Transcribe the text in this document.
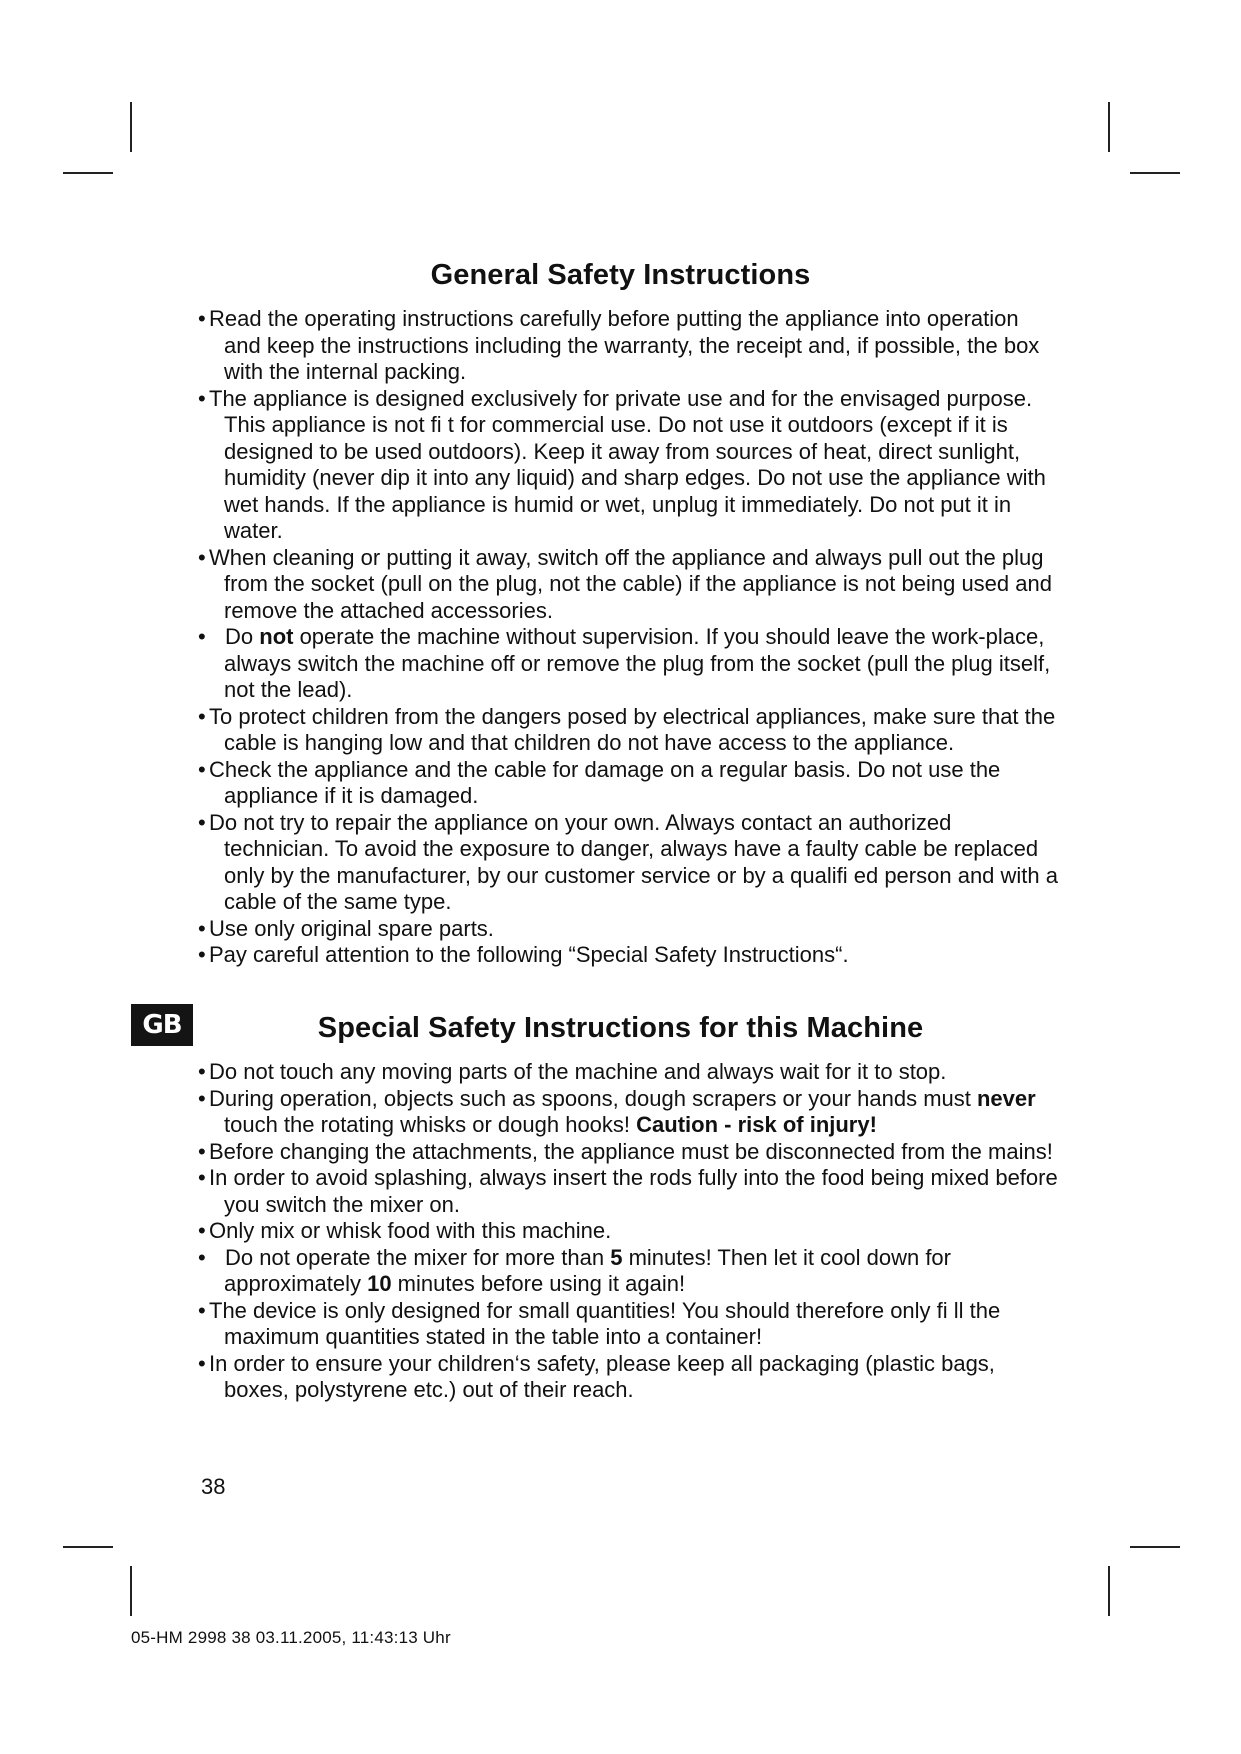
General Safety Instructions
• Read the operating instructions carefully before putting the appliance into operation and keep the instructions including the warranty, the receipt and, if possible, the box with the internal packing.
• The appliance is designed exclusively for private use and for the envisaged purpose. This appliance is not fi t for commercial use. Do not use it outdoors (except if it is designed to be used outdoors). Keep it away from sources of heat, direct sunlight, humidity (never dip it into any liquid) and sharp edges. Do not use the appliance with wet hands. If the appliance is humid or wet, unplug it immediately. Do not put it in water.
• When cleaning or putting it away, switch off the appliance and always pull out the plug from the socket (pull on the plug, not the cable) if the appliance is not being used and remove the attached accessories.
• Do not operate the machine without supervision. If you should leave the work-place, always switch the machine off or remove the plug from the socket (pull the plug itself, not the lead).
• To protect children from the dangers posed by electrical appliances, make sure that the cable is hanging low and that children do not have access to the appliance.
• Check the appliance and the cable for damage on a regular basis. Do not use the appliance if it is damaged.
• Do not try to repair the appliance on your own. Always contact an authorized technician. To avoid the exposure to danger, always have a faulty cable be replaced only by the manufacturer, by our customer service or by a qualifi ed person and with a cable of the same type.
• Use only original spare parts.
• Pay careful attention to the following “Special Safety Instructions“.
GB	Special Safety Instructions for this Machine
• Do not touch any moving parts of the machine and always wait for it to stop.
• During operation, objects such as spoons, dough scrapers or your hands must never touch the rotating whisks or dough hooks! Caution - risk of injury!
• Before changing the attachments, the appliance must be disconnected from the mains!
• In order to avoid splashing, always insert the rods fully into the food being mixed before you switch the mixer on.
• Only mix or whisk food with this machine.
• Do not operate the mixer for more than 5 minutes! Then let it cool down for approximately 10 minutes before using it again!
• The device is only designed for small quantities! You should therefore only fi ll the maximum quantities stated in the table into a container!
• In order to ensure your children‘s safety, please keep all packaging (plastic bags, boxes, polystyrene etc.) out of their reach.
38
05-HM 2998 38 03.11.2005, 11:43:13 Uhr
